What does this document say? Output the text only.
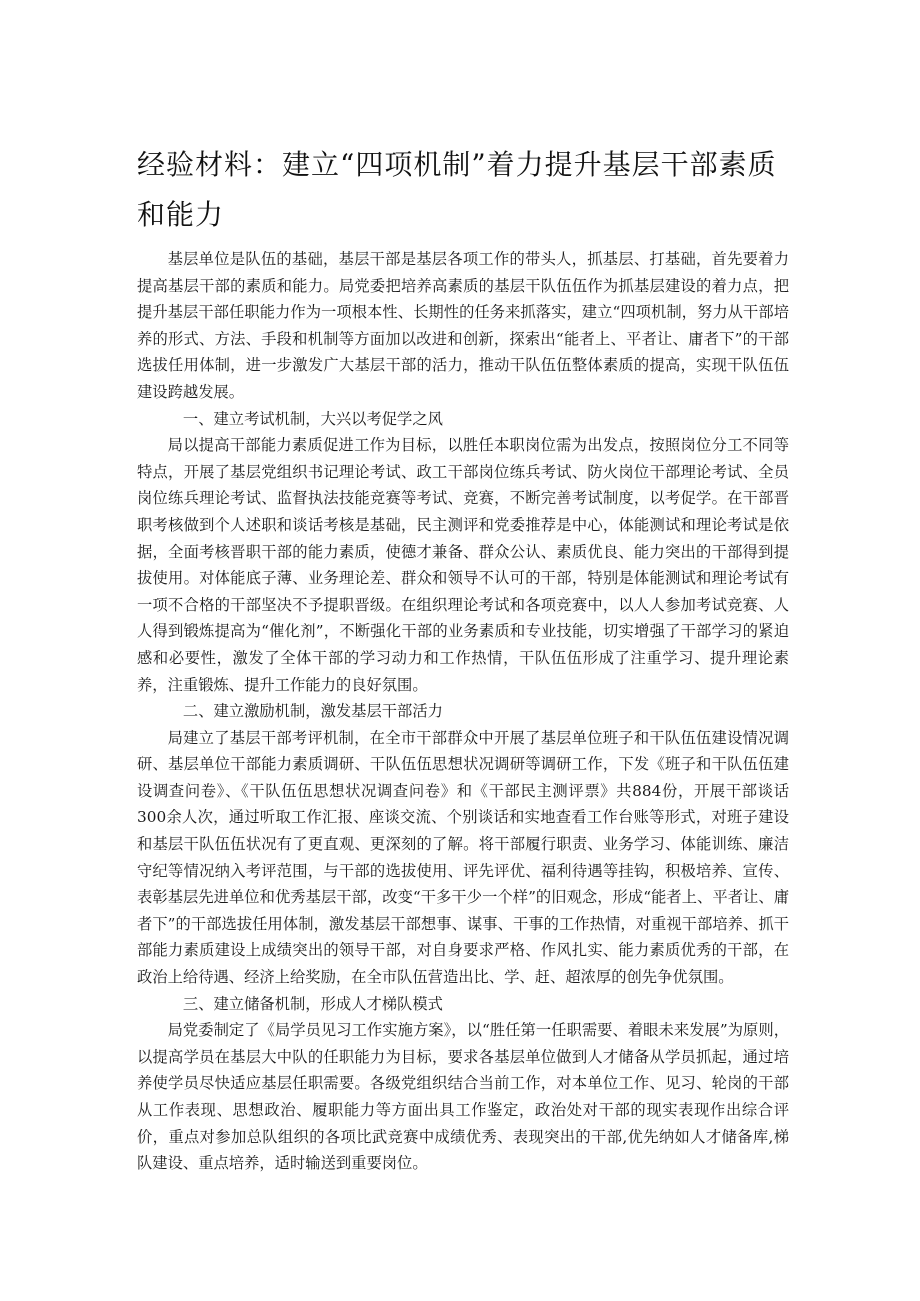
经验材料：建立“四项机制”着力提升基层干部素质和能力

基层单位是队伍的基础，基层干部是基层各项工作的带头人，抓基层、打基础，首先要着力提高基层干部的素质和能力。局党委把培养高素质的基层干队伍伍作为抓基层建设的着力点，把提升基层干部任职能力作为一项根本性、长期性的任务来抓落实，建立“四项机制，努力从干部培养的形式、方法、手段和机制等方面加以改进和创新，探索出“能者上、平者让、庸者下”的干部选拔任用体制，进一步激发广大基层干部的活力，推动干队伍伍整体素质的提高，实现干队伍伍建设跨越发展。

一、建立考试机制，大兴以考促学之风

局以提高干部能力素质促进工作为目标，以胜任本职岗位需为出发点，按照岗位分工不同等特点，开展了基层党组织书记理论考试、政工干部岗位练兵考试、防火岗位干部理论考试、全员岗位练兵理论考试、监督执法技能竞赛等考试、竞赛，不断完善考试制度，以考促学。在干部晋职考核做到个人述职和谈话考核是基础，民主测评和党委推荐是中心，体能测试和理论考试是依据，全面考核晋职干部的能力素质，使德才兼备、群众公认、素质优良、能力突出的干部得到提拔使用。对体能底子薄、业务理论差、群众和领导不认可的干部，特别是体能测试和理论考试有一项不合格的干部坚决不予提职晋级。在组织理论考试和各项竞赛中，以人人参加考试竞赛、人人得到锻炼提高为“催化剂”，不断强化干部的业务素质和专业技能，切实增强了干部学习的紧迫感和必要性，激发了全体干部的学习动力和工作热情，干队伍伍形成了注重学习、提升理论素养，注重锻炼、提升工作能力的良好氛围。

二、建立激励机制，激发基层干部活力

局建立了基层干部考评机制，在全市干部群众中开展了基层单位班子和干队伍伍建设情况调研、基层单位干部能力素质调研、干队伍伍思想状况调研等调研工作，下发《班子和干队伍伍建设调查问卷》、《干队伍伍思想状况调查问卷》和《干部民主测评票》共884份，开展干部谈话300余人次，通过听取工作汇报、座谈交流、个别谈话和实地查看工作台账等形式，对班子建设和基层干队伍伍状况有了更直观、更深刻的了解。将干部履行职责、业务学习、体能训练、廉洁守纪等情况纳入考评范围，与干部的选拔使用、评先评优、福利待遇等挂钩，积极培养、宣传、表彰基层先进单位和优秀基层干部，改变“干多干少一个样”的旧观念，形成“能者上、平者让、庸者下”的干部选拔任用体制，激发基层干部想事、谋事、干事的工作热情，对重视干部培养、抓干部能力素质建设上成绩突出的领导干部，对自身要求严格、作风扎实、能力素质优秀的干部，在政治上给待遇、经济上给奖励，在全市队伍营造出比、学、赶、超浓厚的创先争优氛围。

三、建立储备机制，形成人才梯队模式

局党委制定了《局学员见习工作实施方案》，以“胜任第一任职需要、着眼未来发展”为原则，以提高学员在基层大中队的任职能力为目标，要求各基层单位做到人才储备从学员抓起，通过培养使学员尽快适应基层任职需要。各级党组织结合当前工作，对本单位工作、见习、轮岗的干部从工作表现、思想政治、履职能力等方面出具工作鉴定，政治处对干部的现实表现作出综合评价，重点对参加总队组织的各项比武竞赛中成绩优秀、表现突出的干部,优先纳如人才储备库,梯队建设、重点培养，适时输送到重要岗位。
